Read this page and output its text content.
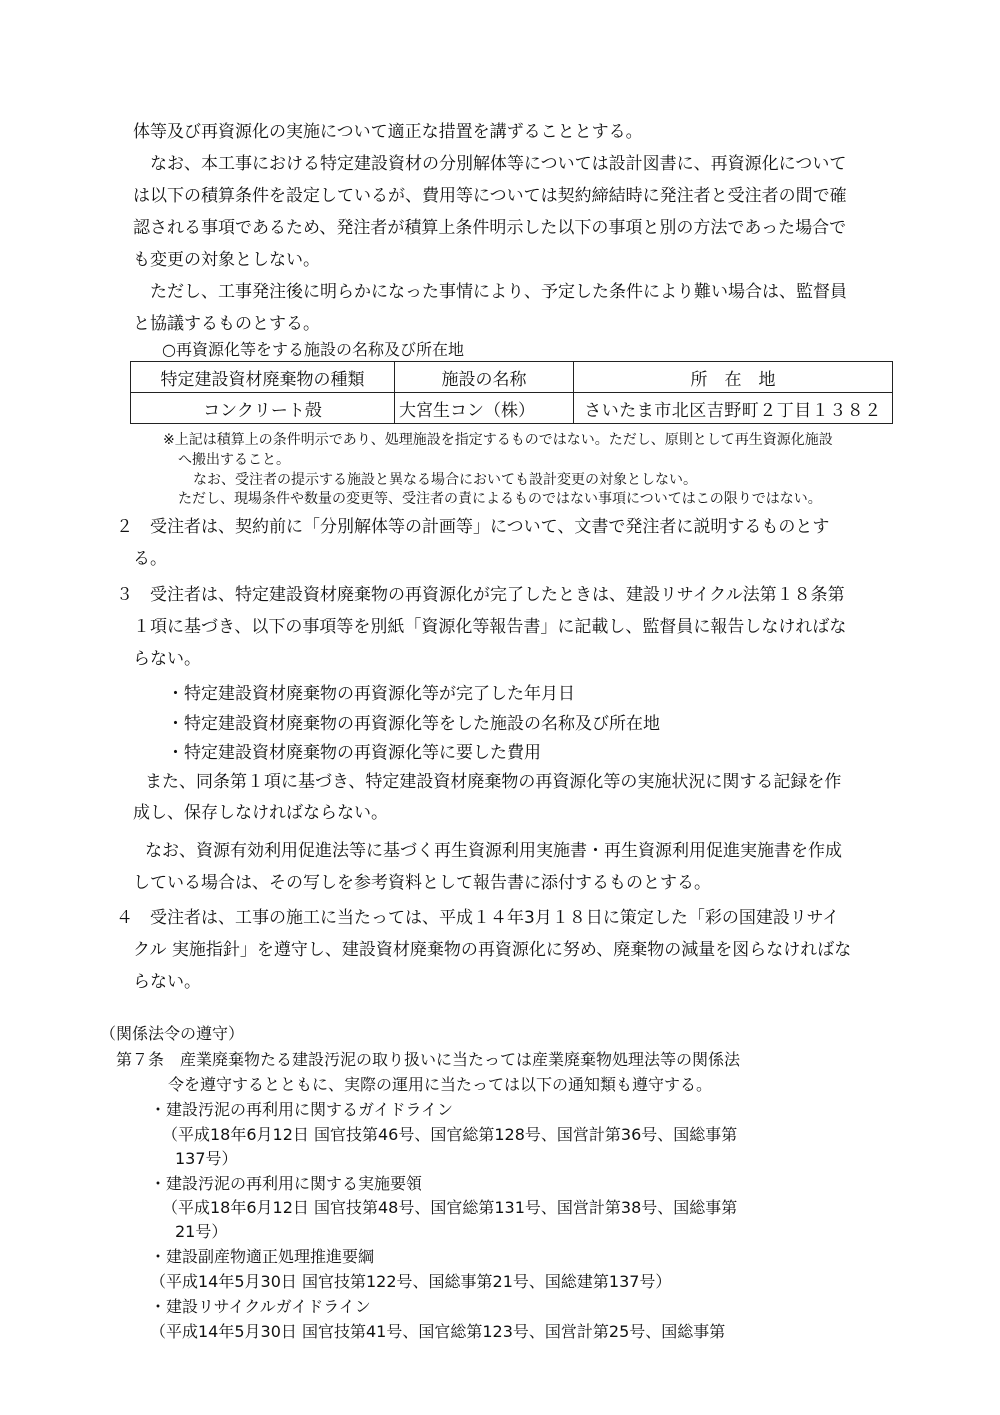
体等及び再資源化の実施について適正な措置を講ずることとする。

なお、本工事における特定建設資材の分別解体等については設計図書に、再資源化について

は以下の積算条件を設定しているが、費用等については契約締結時に発注者と受注者の間で確

認される事項であるため、発注者が積算上条件明示した以下の事項と別の方法であった場合で

も変更の対象としない。

ただし、工事発注後に明らかになった事情により、予定した条件により難い場合は、監督員

と協議するものとする。

○再資源化等をする施設の名称及び所在地

特定建設資材廃棄物の種類	施設の名称	所　在　地
コンクリート殻	大宮生コン（株）	さいたま市北区吉野町２丁目１３８２

※上記は積算上の条件明示であり、処理施設を指定するものではない。ただし、原則として再生資源化施設

へ搬出すること。

なお、受注者の提示する施設と異なる場合においても設計変更の対象としない。

ただし、現場条件や数量の変更等、受注者の責によるものではない事項についてはこの限りではない。

２　受注者は、契約前に「分別解体等の計画等」について、文書で発注者に説明するものとす

る。

３　受注者は、特定建設資材廃棄物の再資源化が完了したときは、建設リサイクル法第１８条第

１項に基づき、以下の事項等を別紙「資源化等報告書」に記載し、監督員に報告しなければな

らない。

・特定建設資材廃棄物の再資源化等が完了した年月日

・特定建設資材廃棄物の再資源化等をした施設の名称及び所在地

・特定建設資材廃棄物の再資源化等に要した費用

また、同条第１項に基づき、特定建設資材廃棄物の再資源化等の実施状況に関する記録を作

成し、保存しなければならない。

なお、資源有効利用促進法等に基づく再生資源利用実施書・再生資源利用促進実施書を作成

している場合は、その写しを参考資料として報告書に添付するものとする。

４　受注者は、工事の施工に当たっては、平成１４年3月１８日に策定した「彩の国建設リサイ

クル 実施指針」を遵守し、建設資材廃棄物の再資源化に努め、廃棄物の減量を図らなければな

らない。

（関係法令の遵守）

第７条　産業廃棄物たる建設汚泥の取り扱いに当たっては産業廃棄物処理法等の関係法

令を遵守するとともに、実際の運用に当たっては以下の通知類も遵守する。

・建設汚泥の再利用に関するガイドライン

（平成18年6月12日 国官技第46号、国官総第128号、国営計第36号、国総事第

137号）

・建設汚泥の再利用に関する実施要領

（平成18年6月12日 国官技第48号、国官総第131号、国営計第38号、国総事第

21号）

・建設副産物適正処理推進要綱

（平成14年5月30日 国官技第122号、国総事第21号、国総建第137号）

・建設リサイクルガイドライン

（平成14年5月30日 国官技第41号、国官総第123号、国営計第25号、国総事第
